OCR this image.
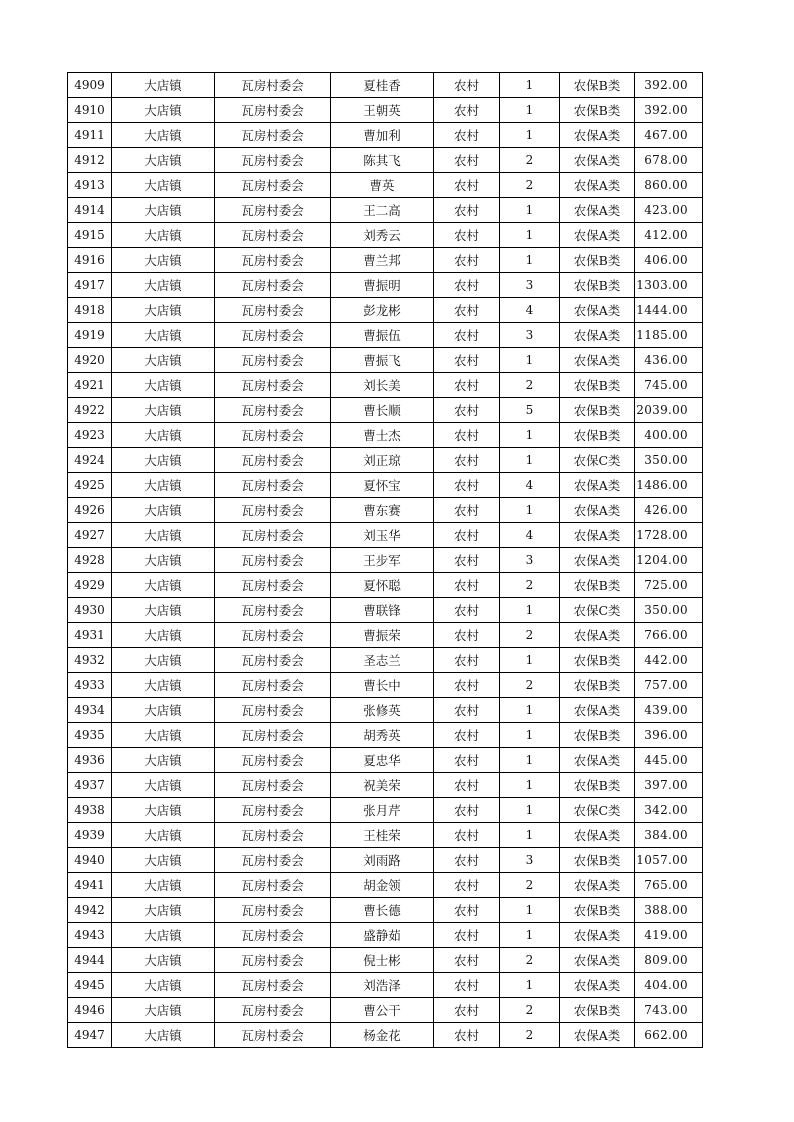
4909	大店镇	瓦房村委会	夏桂香	农村	1	农保B类	392.00
4910	大店镇	瓦房村委会	王朝英	农村	1	农保B类	392.00
4911	大店镇	瓦房村委会	曹加利	农村	1	农保A类	467.00
4912	大店镇	瓦房村委会	陈其飞	农村	2	农保A类	678.00
4913	大店镇	瓦房村委会	曹英	农村	2	农保A类	860.00
4914	大店镇	瓦房村委会	王二高	农村	1	农保A类	423.00
4915	大店镇	瓦房村委会	刘秀云	农村	1	农保A类	412.00
4916	大店镇	瓦房村委会	曹兰邦	农村	1	农保B类	406.00
4917	大店镇	瓦房村委会	曹振明	农村	3	农保B类	1303.00
4918	大店镇	瓦房村委会	彭龙彬	农村	4	农保A类	1444.00
4919	大店镇	瓦房村委会	曹振伍	农村	3	农保A类	1185.00
4920	大店镇	瓦房村委会	曹振飞	农村	1	农保A类	436.00
4921	大店镇	瓦房村委会	刘长美	农村	2	农保B类	745.00
4922	大店镇	瓦房村委会	曹长顺	农村	5	农保B类	2039.00
4923	大店镇	瓦房村委会	曹士杰	农村	1	农保B类	400.00
4924	大店镇	瓦房村委会	刘正琼	农村	1	农保C类	350.00
4925	大店镇	瓦房村委会	夏怀宝	农村	4	农保A类	1486.00
4926	大店镇	瓦房村委会	曹东赛	农村	1	农保A类	426.00
4927	大店镇	瓦房村委会	刘玉华	农村	4	农保A类	1728.00
4928	大店镇	瓦房村委会	王步军	农村	3	农保A类	1204.00
4929	大店镇	瓦房村委会	夏怀聪	农村	2	农保B类	725.00
4930	大店镇	瓦房村委会	曹联锋	农村	1	农保C类	350.00
4931	大店镇	瓦房村委会	曹振荣	农村	2	农保A类	766.00
4932	大店镇	瓦房村委会	圣志兰	农村	1	农保B类	442.00
4933	大店镇	瓦房村委会	曹长中	农村	2	农保B类	757.00
4934	大店镇	瓦房村委会	张修英	农村	1	农保A类	439.00
4935	大店镇	瓦房村委会	胡秀英	农村	1	农保B类	396.00
4936	大店镇	瓦房村委会	夏忠华	农村	1	农保A类	445.00
4937	大店镇	瓦房村委会	祝美荣	农村	1	农保B类	397.00
4938	大店镇	瓦房村委会	张月芹	农村	1	农保C类	342.00
4939	大店镇	瓦房村委会	王桂荣	农村	1	农保A类	384.00
4940	大店镇	瓦房村委会	刘雨路	农村	3	农保B类	1057.00
4941	大店镇	瓦房村委会	胡金领	农村	2	农保A类	765.00
4942	大店镇	瓦房村委会	曹长德	农村	1	农保B类	388.00
4943	大店镇	瓦房村委会	盛静茹	农村	1	农保A类	419.00
4944	大店镇	瓦房村委会	倪士彬	农村	2	农保A类	809.00
4945	大店镇	瓦房村委会	刘浩泽	农村	1	农保A类	404.00
4946	大店镇	瓦房村委会	曹公干	农村	2	农保B类	743.00
4947	大店镇	瓦房村委会	杨金花	农村	2	农保A类	662.00
